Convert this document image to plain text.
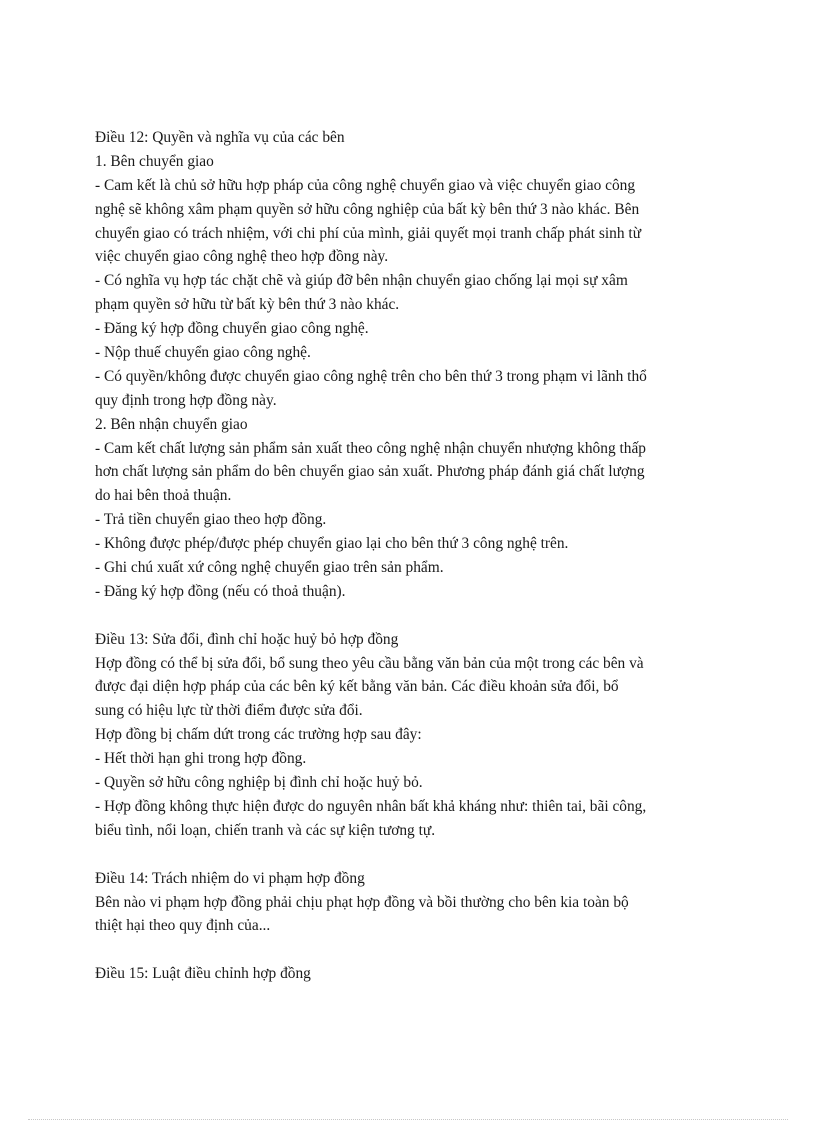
Điều 12: Quyền và nghĩa vụ của các bên
1. Bên chuyển giao
- Cam kết là chủ sở hữu hợp pháp của công nghệ chuyển giao và việc chuyển giao công
nghệ sẽ không xâm phạm quyền sở hữu công nghiệp của bất kỳ bên thứ 3 nào khác. Bên
chuyển giao có trách nhiệm, với chi phí của mình, giải quyết mọi tranh chấp phát sinh từ
việc chuyển giao công nghệ theo hợp đồng này.
- Có nghĩa vụ hợp tác chặt chẽ và giúp đỡ bên nhận chuyển giao chống lại mọi sự xâm
phạm quyền sở hữu từ bất kỳ bên thứ 3 nào khác.
- Đăng ký hợp đồng chuyển giao công nghệ.
- Nộp thuế chuyển giao công nghệ.
- Có quyền/không được chuyển giao công nghệ trên cho bên thứ 3 trong phạm vi lãnh thổ
quy định trong hợp đồng này.
2. Bên nhận chuyển giao
- Cam kết chất lượng sản phẩm sản xuất theo công nghệ nhận chuyển nhượng không thấp
hơn chất lượng sản phẩm do bên chuyển giao sản xuất. Phương pháp đánh giá chất lượng
do hai bên thoả thuận.
- Trả tiền chuyển giao theo hợp đồng.
- Không được phép/được phép chuyển giao lại cho bên thứ 3 công nghệ trên.
- Ghi chú xuất xứ công nghệ chuyển giao trên sản phẩm.
- Đăng ký hợp đồng (nếu có thoả thuận).
Điều 13: Sửa đổi, đình chỉ hoặc huỷ bỏ hợp đồng
Hợp đồng có thể bị sửa đổi, bổ sung theo yêu cầu bằng văn bản của một trong các bên và
được đại diện hợp pháp của các bên ký kết bằng văn bản. Các điều khoản sửa đổi, bổ
sung có hiệu lực từ thời điểm được sửa đổi.
Hợp đồng bị chấm dứt trong các trường hợp sau đây:
- Hết thời hạn ghi trong hợp đồng.
- Quyền sở hữu công nghiệp bị đình chỉ hoặc huỷ bỏ.
- Hợp đồng không thực hiện được do nguyên nhân bất khả kháng như: thiên tai, bãi công,
biểu tình, nổi loạn, chiến tranh và các sự kiện tương tự.
Điều 14: Trách nhiệm do vi phạm hợp đồng
Bên nào vi phạm hợp đồng phải chịu phạt hợp đồng và bồi thường cho bên kia toàn bộ
thiệt hại theo quy định của...
Điều 15: Luật điều chỉnh hợp đồng
